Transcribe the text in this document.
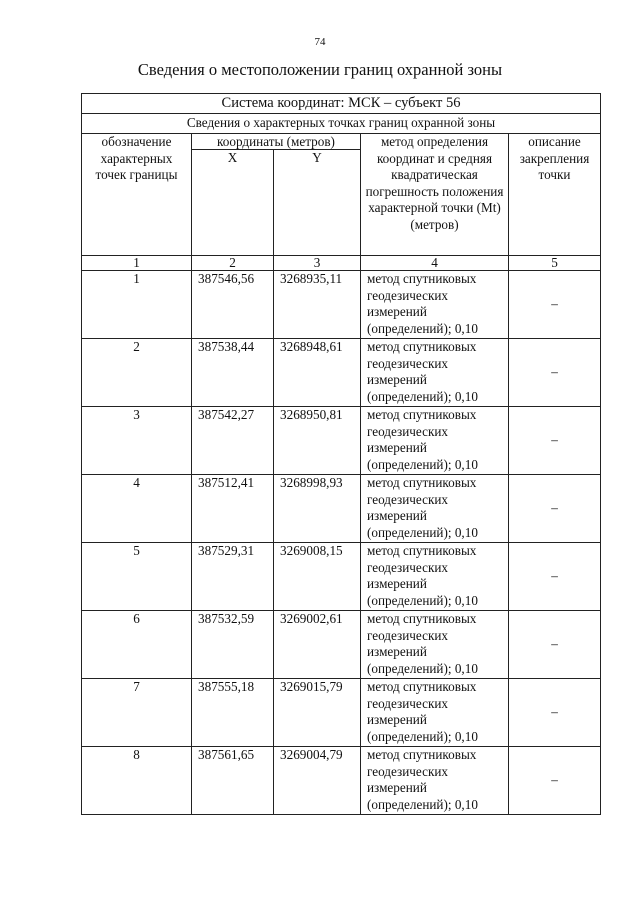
74
Сведения о местоположении границ охранной зоны
Система координат: МСК – субъект 56				
Сведения о характерных точках границ охранной зоны				
обозначение характерных точек границы	координаты (метров)		метод определения координат и средняя квадратическая погрешность положения характерной точки (Mt) (метров)	описание закрепления точки
	X	Y		
1	2	3	4	5
1	387546,56	3268935,11	метод спутниковых геодезических измерений (определений); 0,10	–
2	387538,44	3268948,61	метод спутниковых геодезических измерений (определений); 0,10	–
3	387542,27	3268950,81	метод спутниковых геодезических измерений (определений); 0,10	–
4	387512,41	3268998,93	метод спутниковых геодезических измерений (определений); 0,10	–
5	387529,31	3269008,15	метод спутниковых геодезических измерений (определений); 0,10	–
6	387532,59	3269002,61	метод спутниковых геодезических измерений (определений); 0,10	–
7	387555,18	3269015,79	метод спутниковых геодезических измерений (определений); 0,10	–
8	387561,65	3269004,79	метод спутниковых геодезических измерений (определений); 0,10	–
